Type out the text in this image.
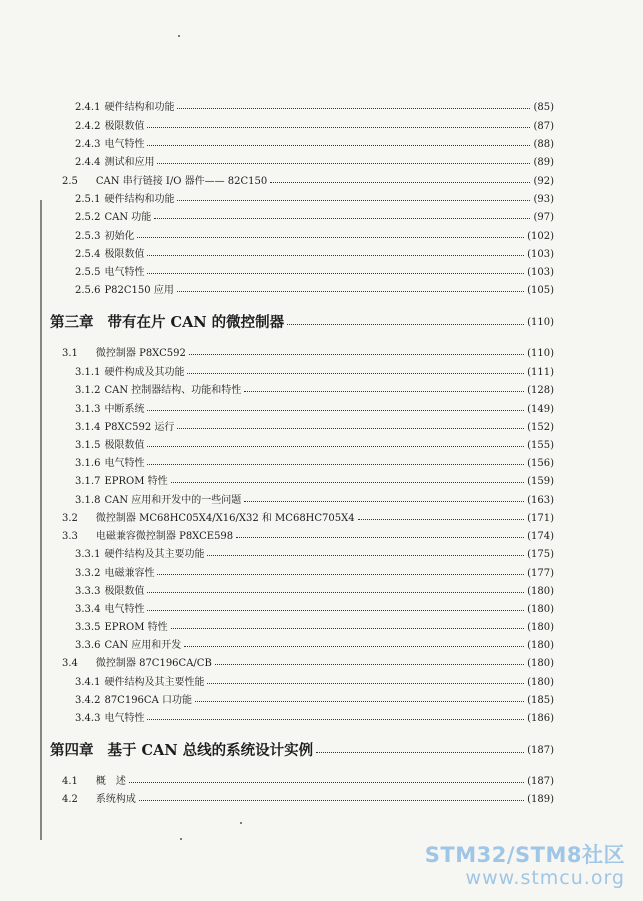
2.4.1 硬件结构和功能	(85)
2.4.2 极限数值	(87)
2.4.3 电气特性	(88)
2.4.4 测试和应用	(89)
2.5 CAN 串行链接 I/O 器件—— 82C150	(92)
2.5.1 硬件结构和功能	(93)
2.5.2 CAN 功能	(97)
2.5.3 初始化	(102)
2.5.4 极限数值	(103)
2.5.5 电气特性	(103)
2.5.6 P82C150 应用	(105)
第三章 带有在片 CAN 的微控制器	(110)
3.1 微控制器 P8XC592	(110)
3.1.1 硬件构成及其功能	(111)
3.1.2 CAN 控制器结构、功能和特性	(128)
3.1.3 中断系统	(149)
3.1.4 P8XC592 运行	(152)
3.1.5 极限数值	(155)
3.1.6 电气特性	(156)
3.1.7 EPROM 特性	(159)
3.1.8 CAN 应用和开发中的一些问题	(163)
3.2 微控制器 MC68HC05X4/X16/X32 和 MC68HC705X4	(171)
3.3 电磁兼容微控制器 P8XCE598	(174)
3.3.1 硬件结构及其主要功能	(175)
3.3.2 电磁兼容性	(177)
3.3.3 极限数值	(180)
3.3.4 电气特性	(180)
3.3.5 EPROM 特性	(180)
3.3.6 CAN 应用和开发	(180)
3.4 微控制器 87C196CA/CB	(180)
3.4.1 硬件结构及其主要性能	(180)
3.4.2 87C196CA 口功能	(185)
3.4.3 电气特性	(186)
第四章 基于 CAN 总线的系统设计实例	(187)
4.1 概　述	(187)
4.2 系统构成	(189)
STM32/STM8社区
www.stmcu.org
